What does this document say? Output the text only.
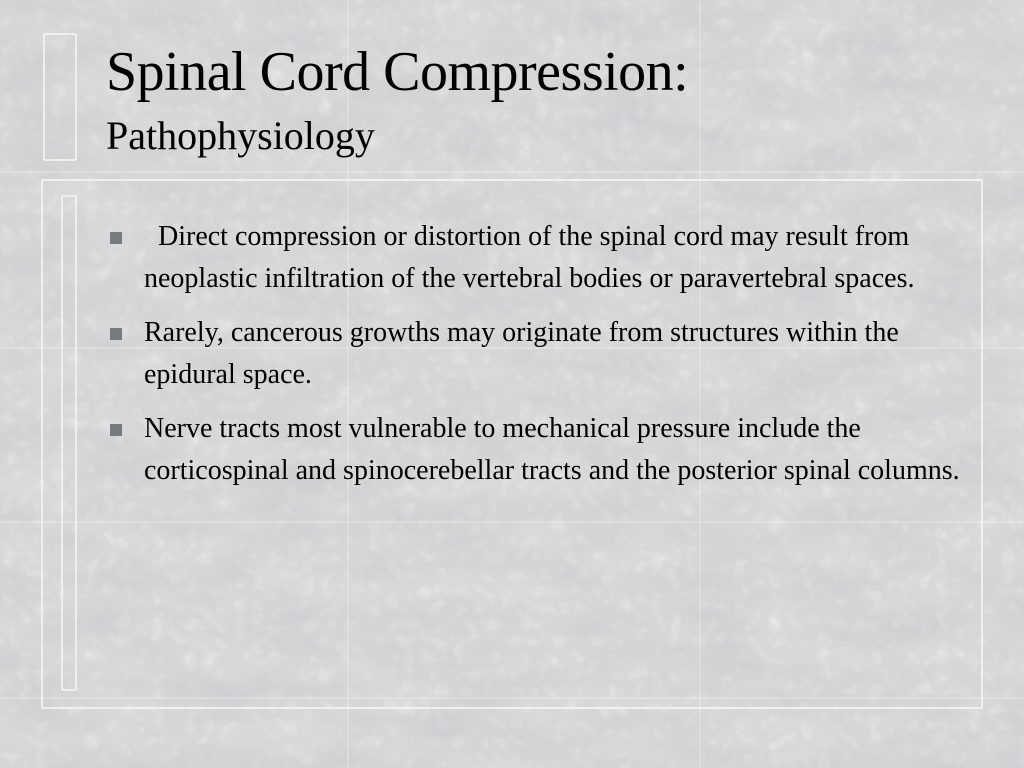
Spinal Cord Compression:
Pathophysiology
Direct compression or distortion of the spinal cord may result from neoplastic infiltration of the vertebral bodies or paravertebral spaces.
Rarely, cancerous growths may originate from structures within the epidural space.
Nerve tracts most vulnerable to mechanical pressure include the corticospinal and spinocerebellar tracts and the posterior spinal columns.
